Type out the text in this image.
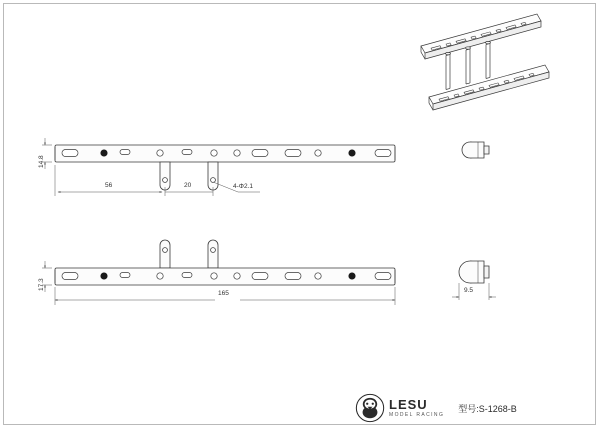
14.8
56	20	4-Φ2.1
17.3
165	9.5
LESU
MODEL RACING
型号:S-1268-B
